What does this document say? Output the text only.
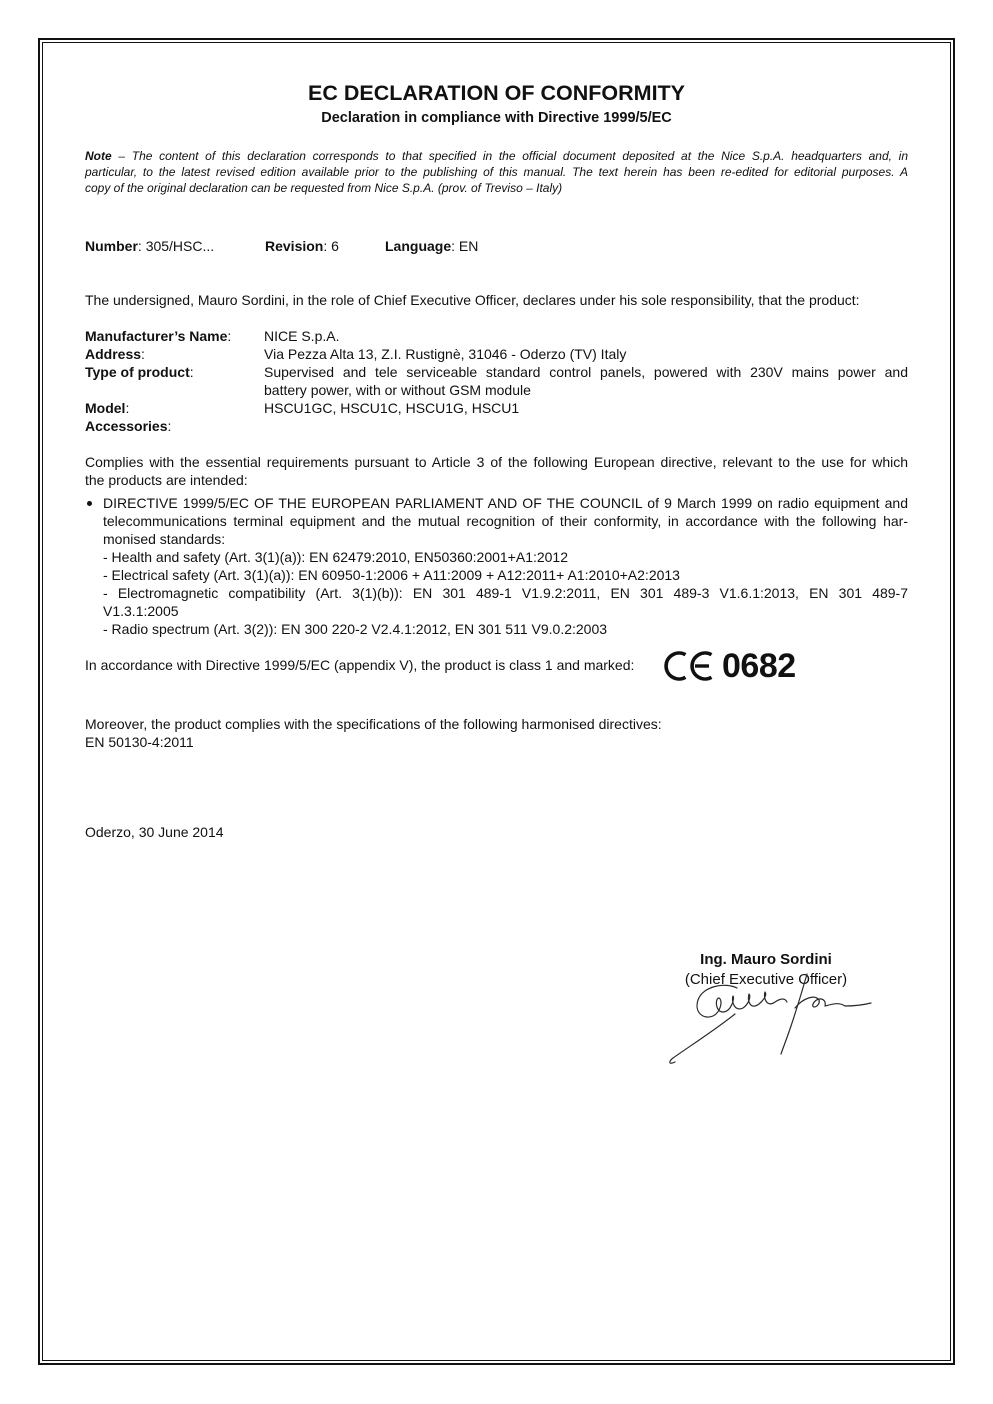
EC DECLARATION OF CONFORMITY
Declaration in compliance with Directive 1999/5/EC
Note – The content of this declaration corresponds to that specified in the official document deposited at the Nice S.p.A. headquarters and, in
particular, to the latest revised edition available prior to the publishing of this manual. The text herein has been re-edited for editorial purposes. A
copy of the original declaration can be requested from Nice S.p.A. (prov. of Treviso – Italy)
Number: 305/HSC...	Revision: 6	Language: EN
The undersigned, Mauro Sordini, in the role of Chief Executive Officer, declares under his sole responsibility, that the product:
Manufacturer’s Name: NICE S.p.A.
Address:	Via Pezza Alta 13, Z.I. Rustignè, 31046 - Oderzo (TV) Italy
Type of product:	Supervised and tele serviceable standard control panels, powered with 230V mains power and
battery power, with or without GSM module
Model:	HSCU1GC, HSCU1C, HSCU1G, HSCU1
Accessories:
Complies with the essential requirements pursuant to Article 3 of the following European directive, relevant to the use for which
the products are intended:
DIRECTIVE 1999/5/EC OF THE EUROPEAN PARLIAMENT AND OF THE COUNCIL of 9 March 1999 on radio equipment and
telecommunications terminal equipment and the mutual recognition of their conformity, in accordance with the following har-
monised standards:
- Health and safety (Art. 3(1)(a)): EN 62479:2010, EN50360:2001+A1:2012
- Electrical safety (Art. 3(1)(a)): EN 60950-1:2006 + A11:2009 + A12:2011+ A1:2010+A2:2013
- Electromagnetic compatibility (Art. 3(1)(b)): EN 301 489-1 V1.9.2:2011, EN 301 489-3 V1.6.1:2013, EN 301 489-7
V1.3.1:2005
- Radio spectrum (Art. 3(2)): EN 300 220-2 V2.4.1:2012, EN 301 511 V9.0.2:2003
In accordance with Directive 1999/5/EC (appendix V), the product is class 1 and marked:	0682
Moreover, the product complies with the specifications of the following harmonised directives:
EN 50130-4:2011
Oderzo, 30 June 2014
Ing. Mauro Sordini
(Chief Executive Officer)
